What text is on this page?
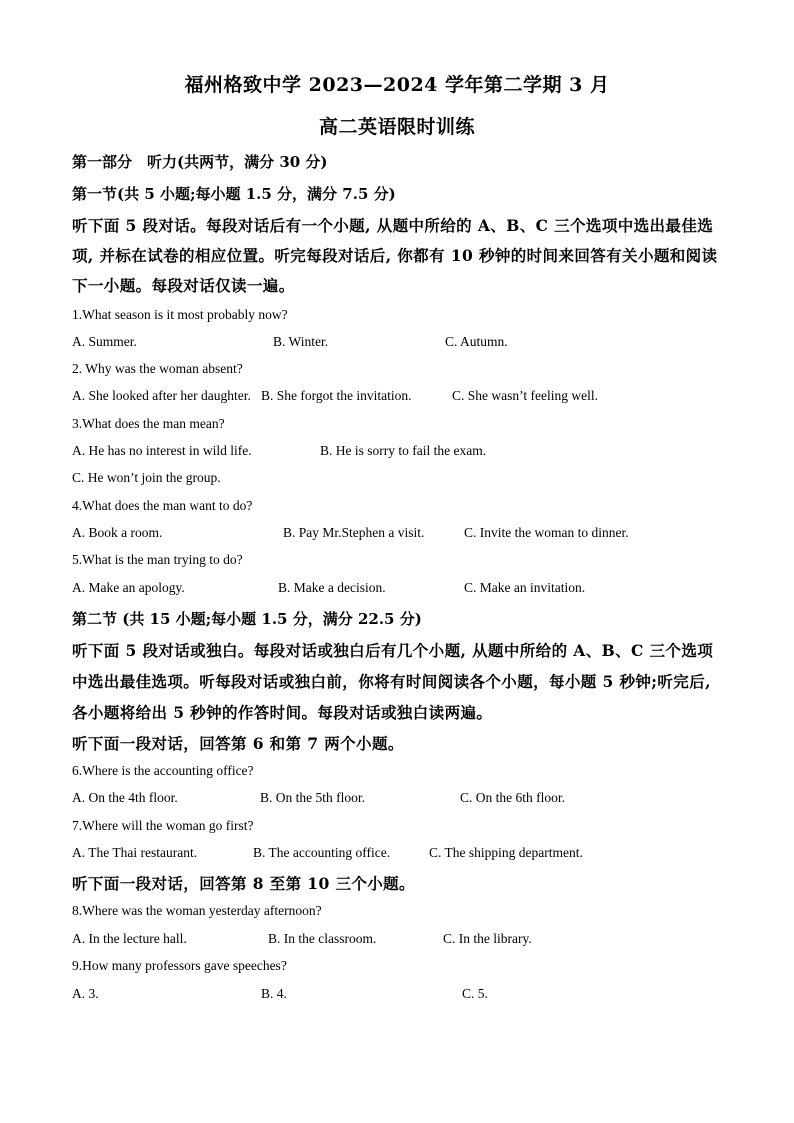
福州格致中学 2023—2024 学年第二学期 3 月
高二英语限时训练
第一部分　听力(共两节，满分 30 分)
第一节(共 5 小题;每小题 1.5 分，满分 7.5 分)
听下面 5 段对话。每段对话后有一个小题, 从题中所给的 A、B、C 三个选项中选出最佳选
项, 并标在试卷的相应位置。听完每段对话后, 你都有 10 秒钟的时间来回答有关小题和阅读
下一小题。每段对话仅读一遍。
1.What season is it most probably now?
A. Summer.	B. Winter.	C. Autumn.
2. Why was the woman absent?
A. She looked after her daughter. B. She forgot the invitation.	C. She wasn’t feeling well.
3.What does the man mean?
A. He has no interest in wild life.	B. He is sorry to fail the exam.
C. He won’t join the group.
4.What does the man want to do?
A. Book a room.	B. Pay Mr.Stephen a visit.	C. Invite the woman to dinner.
5.What is the man trying to do?
A. Make an apology.	B. Make a decision.	C. Make an invitation.
第二节 (共 15 小题;每小题 1.5 分，满分 22.5 分)
听下面 5 段对话或独白。每段对话或独白后有几个小题, 从题中所给的 A、B、C 三个选项
中选出最佳选项。听每段对话或独白前，你将有时间阅读各个小题，每小题 5 秒钟;听完后,
各小题将给出 5 秒钟的作答时间。每段对话或独白读两遍。
听下面一段对话，回答第 6 和第 7 两个小题。
6.Where is the accounting office?
A. On the 4th floor.	B. On the 5th floor.	C. On the 6th floor.
7.Where will the woman go first?
A. The Thai restaurant.	B. The accounting office.	C. The shipping department.
听下面一段对话，回答第 8 至第 10 三个小题。
8.Where was the woman yesterday afternoon?
A. In the lecture hall.	B. In the classroom.	C. In the library.
9.How many professors gave speeches?
A. 3.	B. 4.	C. 5.
